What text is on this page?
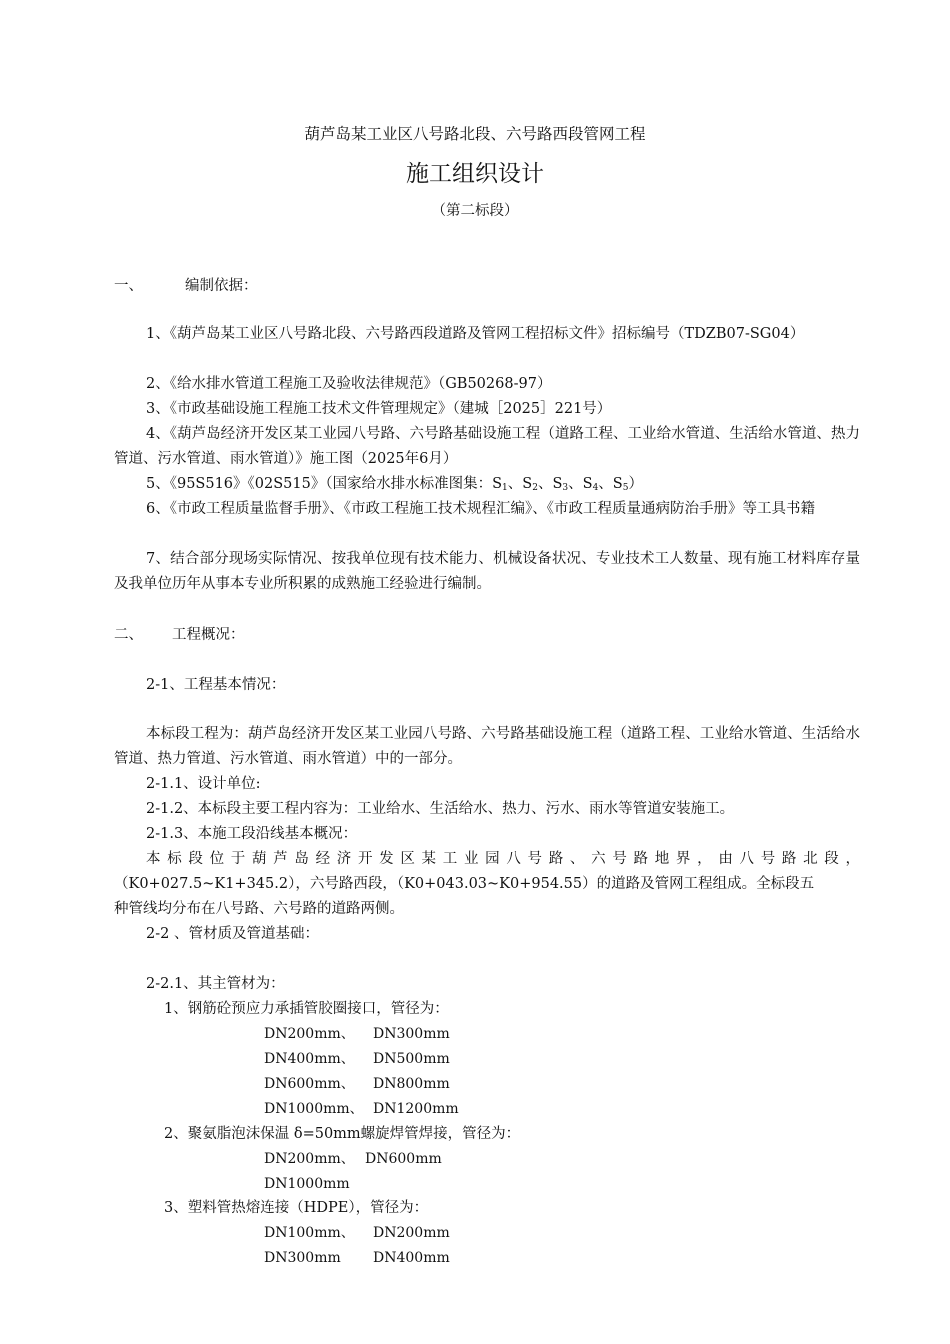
葫芦岛某工业区八号路北段、六号路西段管网工程
施工组织设计
（第二标段）
一、	编制依据：
1、《葫芦岛某工业区八号路北段、六号路西段道路及管网工程招标文件》招标编号（TDZB07-SG04）
2、《给水排水管道工程施工及验收法律规范》（GB50268-97）
3、《市政基础设施工程施工技术文件管理规定》（建城［2025］221号）
4、《葫芦岛经济开发区某工业园八号路、六号路基础设施工程（道路工程、工业给水管道、生活给水管道、热力管道、污水管道、雨水管道）》施工图（2025年6月）
5、《95S516》《02S515》（国家给水排水标准图集：$S_1$、$S_2$、$S_3$、$S_4$、$S_5$）
6、《市政工程质量监督手册》、《市政工程施工技术规程汇编》、《市政工程质量通病防治手册》等工具书籍
7、结合部分现场实际情况、按我单位现有技术能力、机械设备状况、专业技术工人数量、现有施工材料库存量及我单位历年从事本专业所积累的成熟施工经验进行编制。
二、 工程概况：
2-1、工程基本情况：
本标段工程为：葫芦岛经济开发区某工业园八号路、六号路基础设施工程（道路工程、工业给水管道、生活给水管道、热力管道、污水管道、雨水管道）中的一部分。
2-1.1、设计单位:
2-1.2、本标段主要工程内容为：工业给水、生活给水、热力、污水、雨水等管道安装施工。
2-1.3、本施工段沿线基本概况：
本标段位于葫芦岛经济开发区某工业园八号路、六号路地界，由八号路北段，
（K0+027.5~K1+345.2），六号路西段，（K0+043.03~K0+954.55）的道路及管网工程组成。全标段五
种管线均分布在八号路、六号路的道路两侧。
2-2 、管材质及管道基础：
2-2.1、其主管材为：
1、钢筋砼预应力承插管胶圈接口，管径为：
DN200mm、 DN300mm
DN400mm、 DN500mm
DN600mm、 DN800mm
DN1000mm、 DN1200mm
2、聚氨脂泡沫保温 δ=50mm螺旋焊管焊接，管径为：
DN200mm、 DN600mm
DN1000mm
3、塑料管热熔连接（HDPE），管径为：
DN100mm、 DN200mm
DN300mm DN400mm
